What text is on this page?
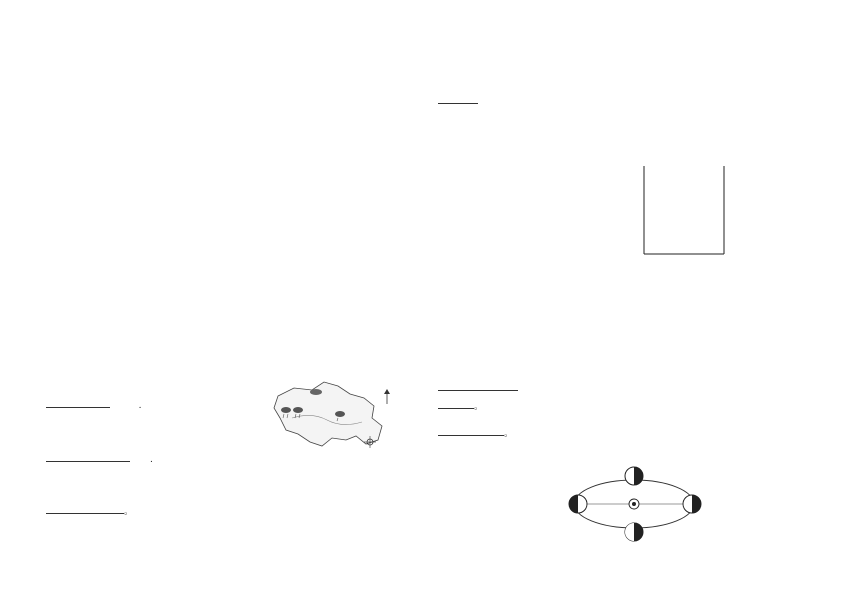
.
.
。
。
。
